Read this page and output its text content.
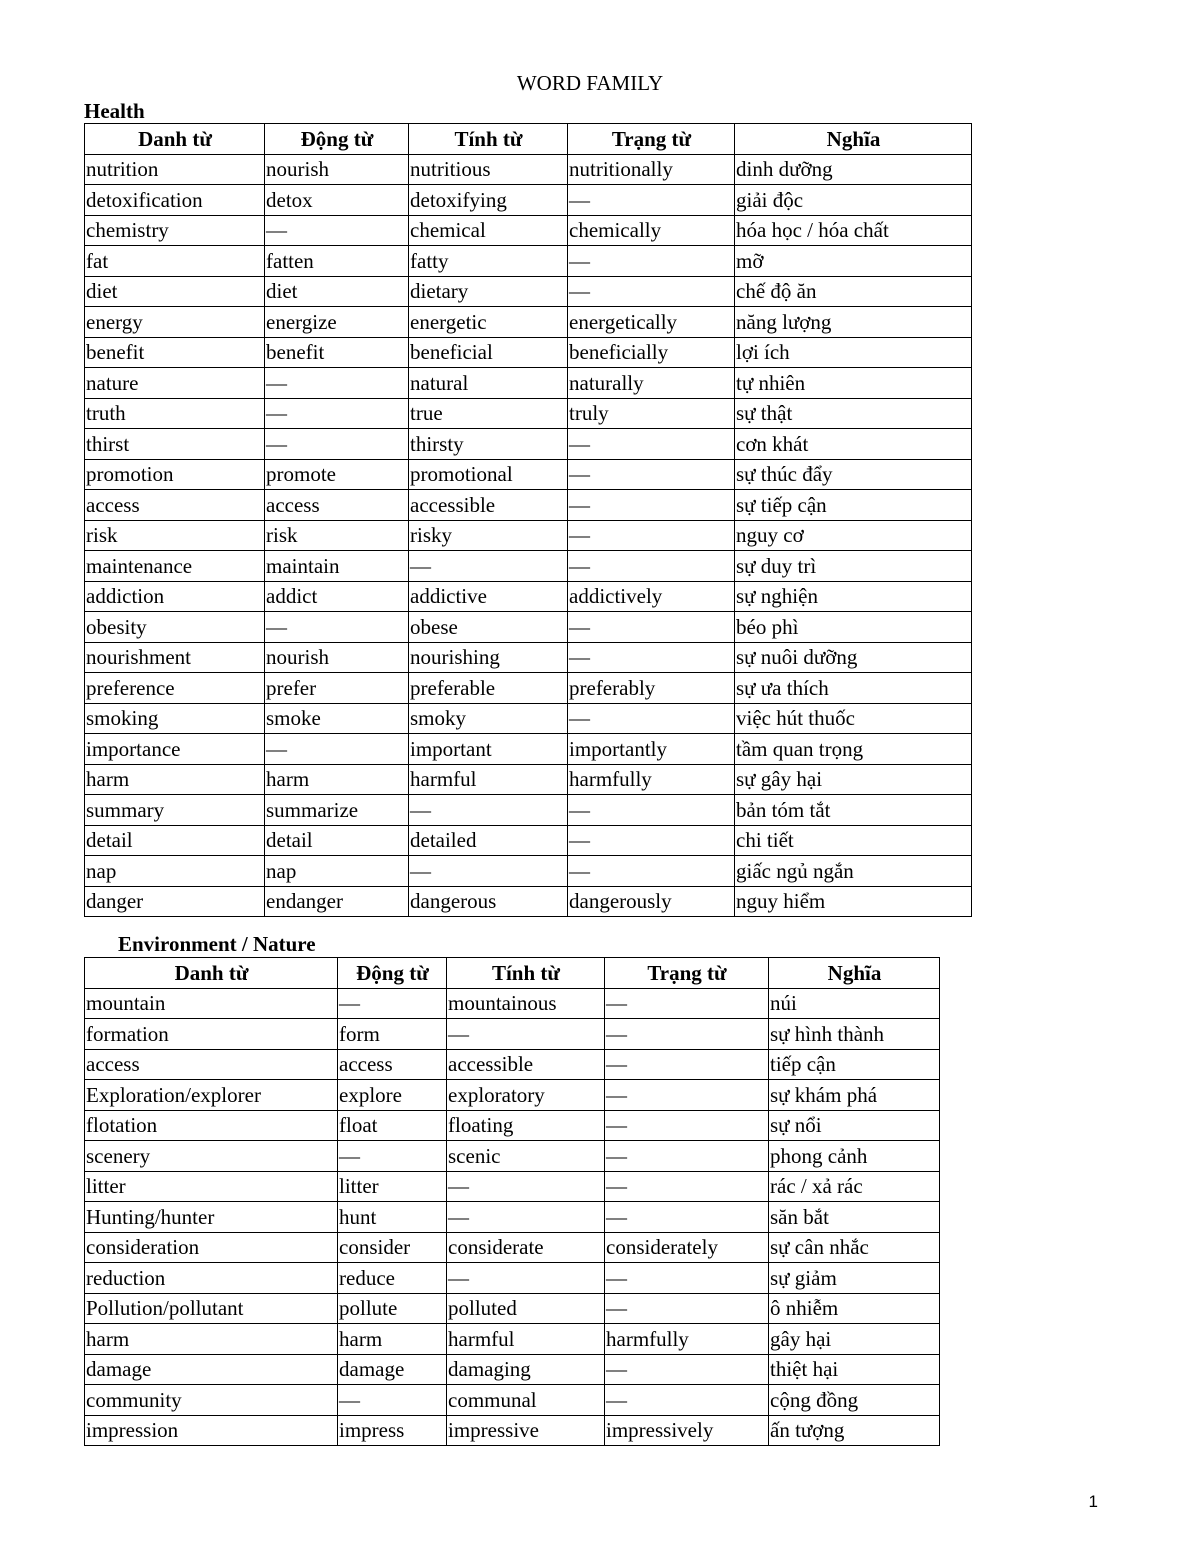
WORD FAMILY
Health
Danh từ	Động từ	Tính từ	Trạng từ	Nghĩa
nutrition	nourish	nutritious	nutritionally	dinh dưỡng
detoxification	detox	detoxifying	—	giải độc
chemistry	—	chemical	chemically	hóa học / hóa chất
fat	fatten	fatty	—	mỡ
diet	diet	dietary	—	chế độ ăn
energy	energize	energetic	energetically	năng lượng
benefit	benefit	beneficial	beneficially	lợi ích
nature	—	natural	naturally	tự nhiên
truth	—	true	truly	sự thật
thirst	—	thirsty	—	cơn khát
promotion	promote	promotional	—	sự thúc đẩy
access	access	accessible	—	sự tiếp cận
risk	risk	risky	—	nguy cơ
maintenance	maintain	—	—	sự duy trì
addiction	addict	addictive	addictively	sự nghiện
obesity	—	obese	—	béo phì
nourishment	nourish	nourishing	—	sự nuôi dưỡng
preference	prefer	preferable	preferably	sự ưa thích
smoking	smoke	smoky	—	việc hút thuốc
importance	—	important	importantly	tầm quan trọng
harm	harm	harmful	harmfully	sự gây hại
summary	summarize	—	—	bản tóm tắt
detail	detail	detailed	—	chi tiết
nap	nap	—	—	giấc ngủ ngắn
danger	endanger	dangerous	dangerously	nguy hiểm
Environment / Nature
Danh từ	Động từ	Tính từ	Trạng từ	Nghĩa
mountain	—	mountainous	—	núi
formation	form	—	—	sự hình thành
access	access	accessible	—	tiếp cận
Exploration/explorer	explore	exploratory	—	sự khám phá
flotation	float	floating	—	sự nổi
scenery	—	scenic	—	phong cảnh
litter	litter	—	—	rác / xả rác
Hunting/hunter	hunt	—	—	săn bắt
consideration	consider	considerate	considerately	sự cân nhắc
reduction	reduce	—	—	sự giảm
Pollution/pollutant	pollute	polluted	—	ô nhiễm
harm	harm	harmful	harmfully	gây hại
damage	damage	damaging	—	thiệt hại
community	—	communal	—	cộng đồng
impression	impress	impressive	impressively	ấn tượng
1
